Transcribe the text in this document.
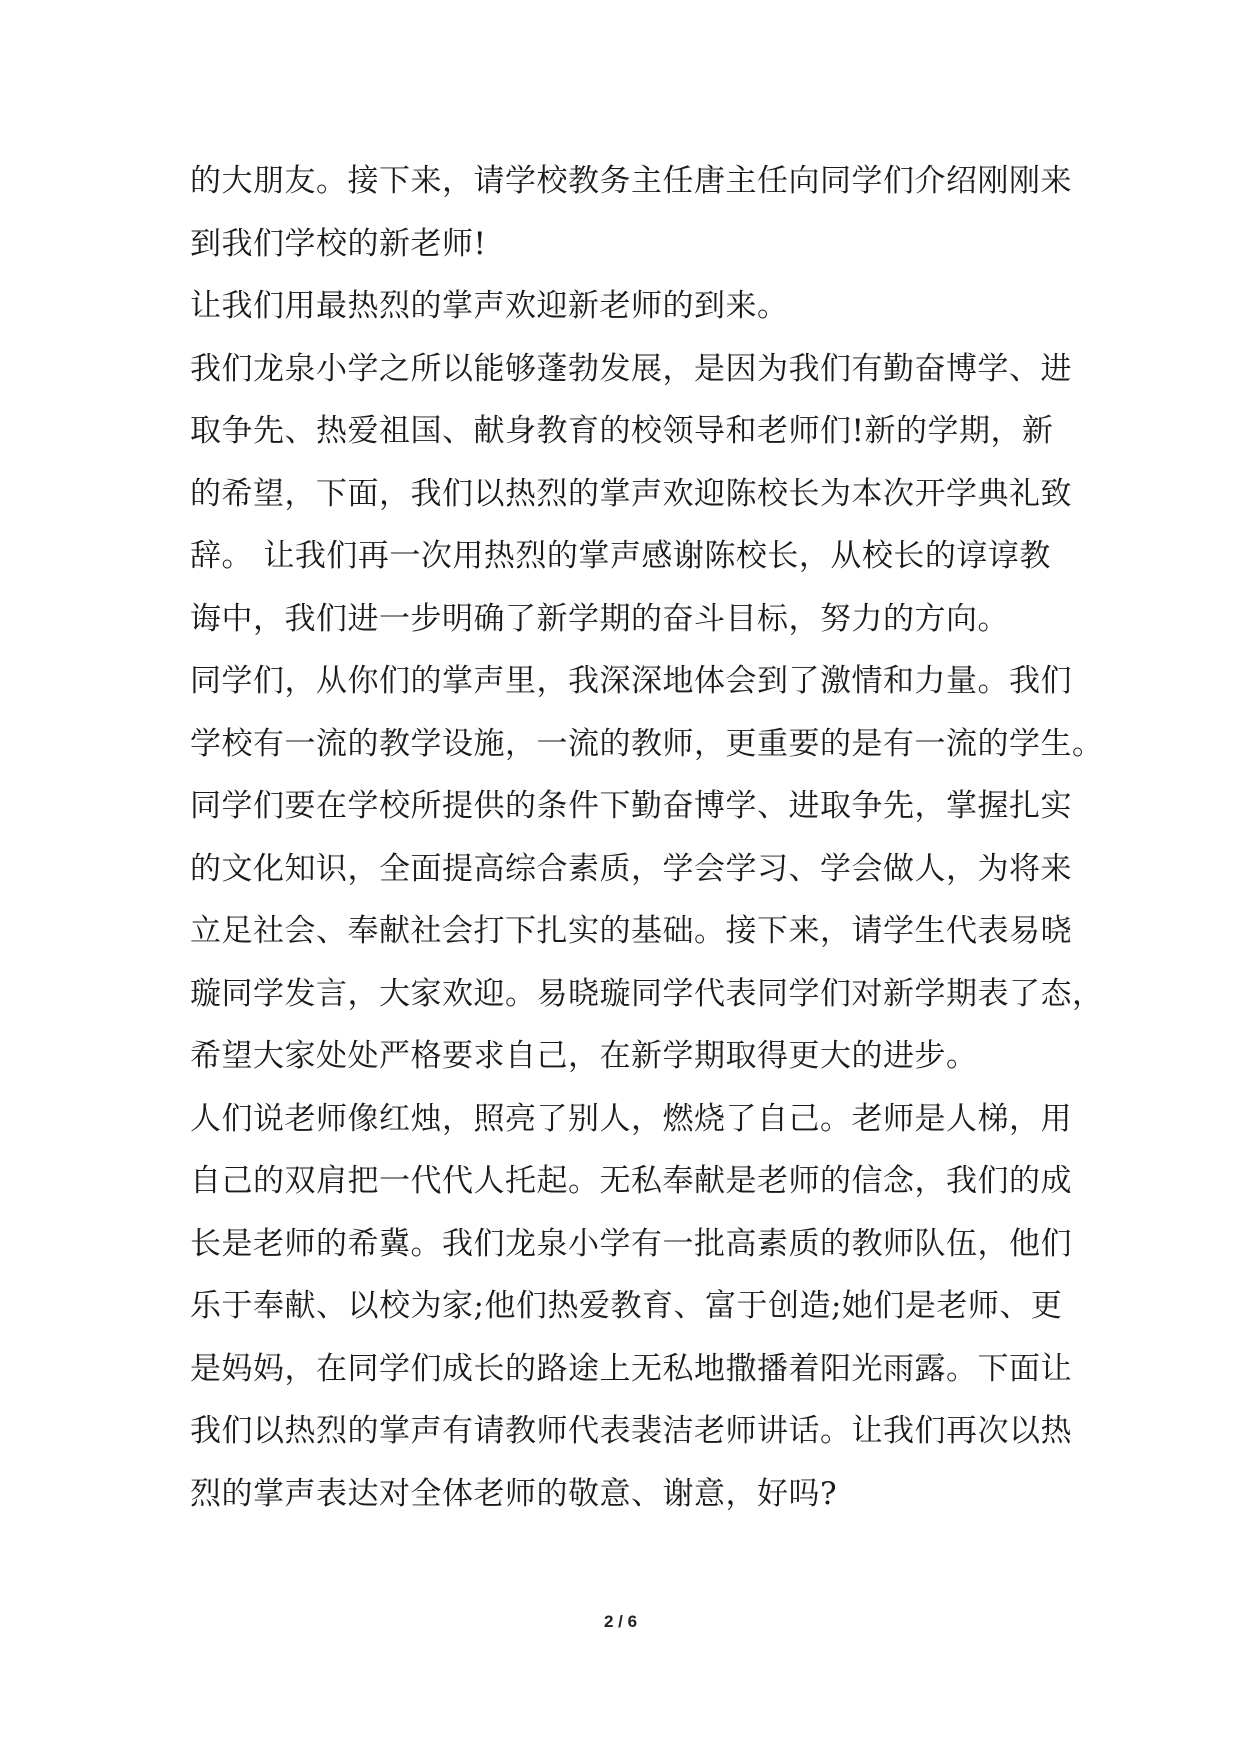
的大朋友。接下来，请学校教务主任唐主任向同学们介绍刚刚来
到我们学校的新老师!
让我们用最热烈的掌声欢迎新老师的到来。
我们龙泉小学之所以能够蓬勃发展，是因为我们有勤奋博学、进
取争先、热爱祖国、献身教育的校领导和老师们!新的学期，新
的希望，下面，我们以热烈的掌声欢迎陈校长为本次开学典礼致
辞。 让我们再一次用热烈的掌声感谢陈校长，从校长的谆谆教
诲中，我们进一步明确了新学期的奋斗目标，努力的方向。
同学们，从你们的掌声里，我深深地体会到了激情和力量。我们
学校有一流的教学设施，一流的教师，更重要的是有一流的学生。
同学们要在学校所提供的条件下勤奋博学、进取争先，掌握扎实
的文化知识，全面提高综合素质，学会学习、学会做人，为将来
立足社会、奉献社会打下扎实的基础。接下来，请学生代表易晓
璇同学发言，大家欢迎。易晓璇同学代表同学们对新学期表了态，
希望大家处处严格要求自己，在新学期取得更大的进步。
人们说老师像红烛，照亮了别人，燃烧了自己。老师是人梯，用
自己的双肩把一代代人托起。无私奉献是老师的信念，我们的成
长是老师的希冀。我们龙泉小学有一批高素质的教师队伍，他们
乐于奉献、以校为家;他们热爱教育、富于创造;她们是老师、更
是妈妈，在同学们成长的路途上无私地撒播着阳光雨露。下面让
我们以热烈的掌声有请教师代表裴洁老师讲话。让我们再次以热
烈的掌声表达对全体老师的敬意、谢意，好吗?
2 / 6
